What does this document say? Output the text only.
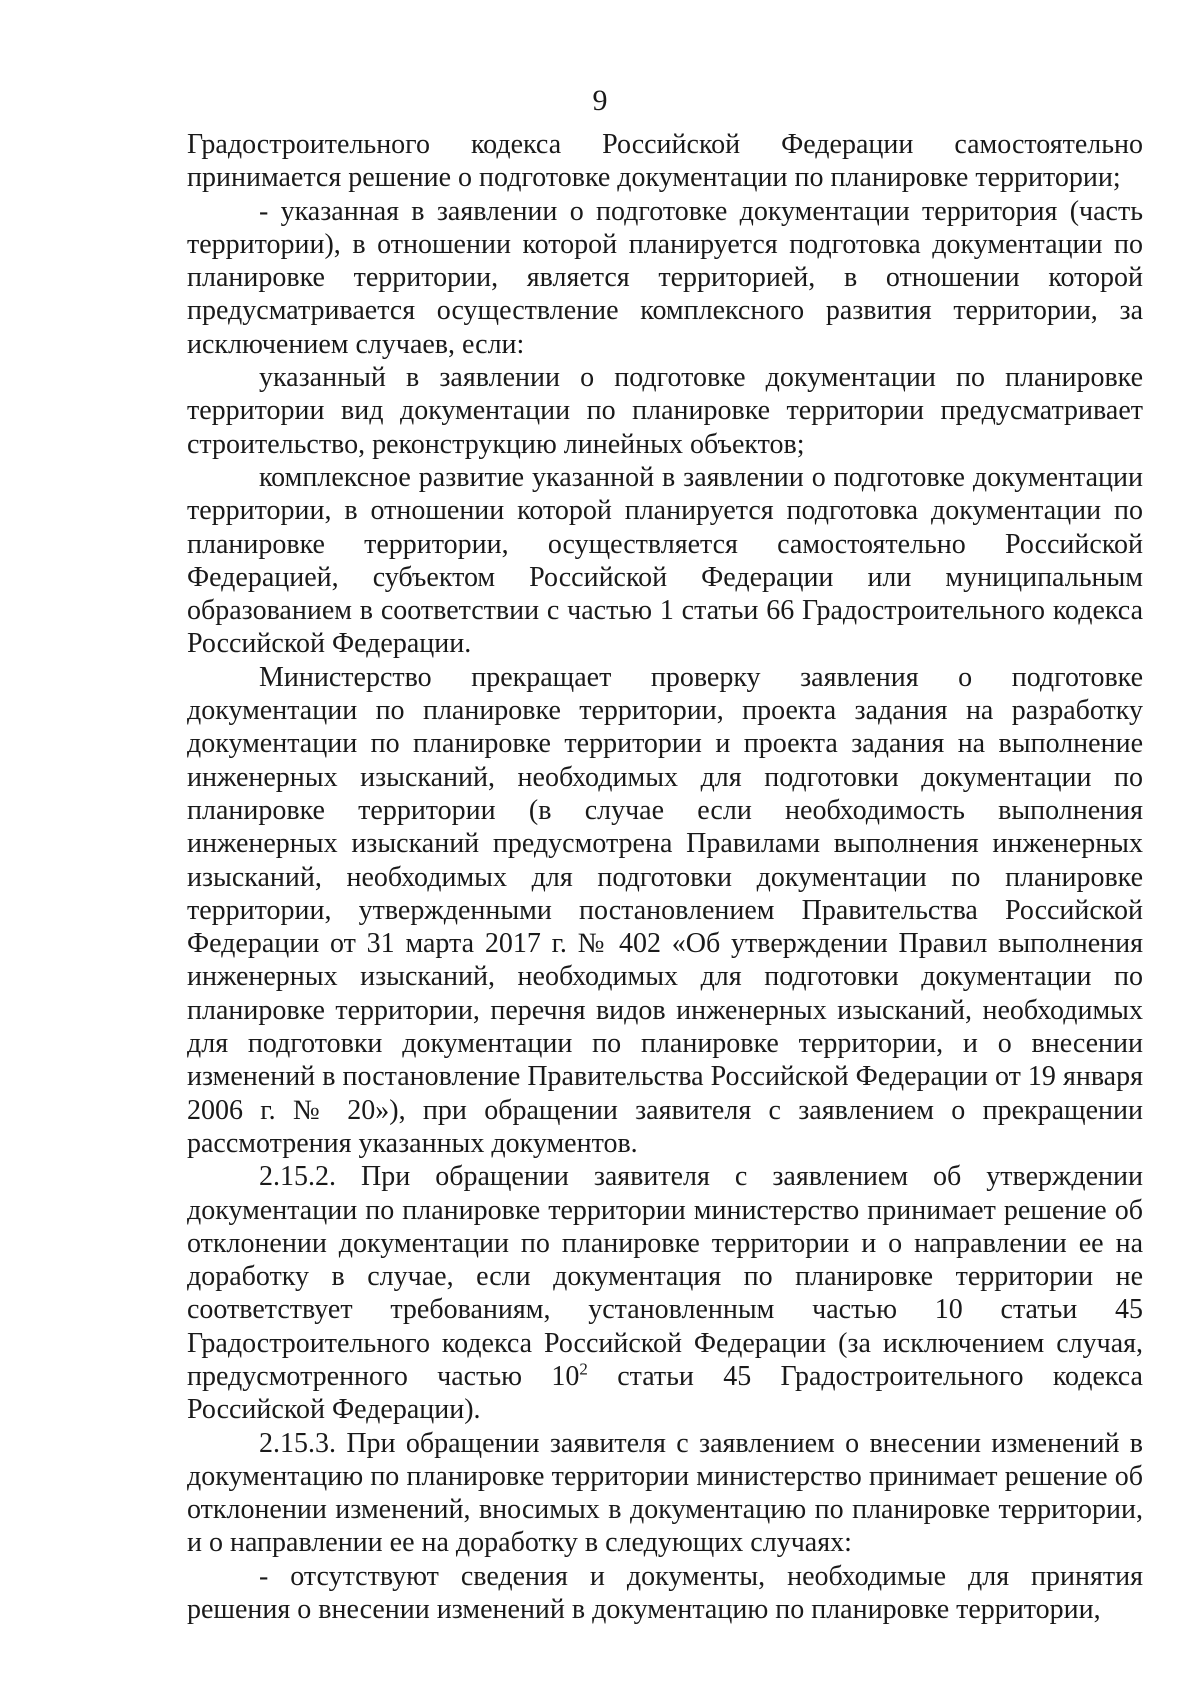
9

Градостроительного кодекса Российской Федерации самостоятельно принимается решение о подготовке документации по планировке территории;

- указанная в заявлении о подготовке документации территория (часть территории), в отношении которой планируется подготовка документации по планировке территории, является территорией, в отношении которой предусматривается осуществление комплексного развития территории, за исключением случаев, если:

указанный в заявлении о подготовке документации по планировке территории вид документации по планировке территории предусматривает строительство, реконструкцию линейных объектов;

комплексное развитие указанной в заявлении о подготовке документации территории, в отношении которой планируется подготовка документации по планировке территории, осуществляется самостоятельно Российской Федерацией, субъектом Российской Федерации или муниципальным образованием в соответствии с частью 1 статьи 66 Градостроительного кодекса Российской Федерации.

Министерство прекращает проверку заявления о подготовке документации по планировке территории, проекта задания на разработку документации по планировке территории и проекта задания на выполнение инженерных изысканий, необходимых для подготовки документации по планировке территории (в случае если необходимость выполнения инженерных изысканий предусмотрена Правилами выполнения инженерных изысканий, необходимых для подготовки документации по планировке территории, утвержденными постановлением Правительства Российской Федерации от 31 марта 2017 г. № 402 «Об утверждении Правил выполнения инженерных изысканий, необходимых для подготовки документации по планировке территории, перечня видов инженерных изысканий, необходимых для подготовки документации по планировке территории, и о внесении изменений в постановление Правительства Российской Федерации от 19 января 2006 г. № 20»), при обращении заявителя с заявлением о прекращении рассмотрения указанных документов.

2.15.2. При обращении заявителя с заявлением об утверждении документации по планировке территории министерство принимает решение об отклонении документации по планировке территории и о направлении ее на доработку в случае, если документация по планировке территории не соответствует требованиям, установленным частью 10 статьи 45 Градостроительного кодекса Российской Федерации (за исключением случая, предусмотренного частью $10^2$ статьи 45 Градостроительного кодекса Российской Федерации).

2.15.3. При обращении заявителя с заявлением о внесении изменений в документацию по планировке территории министерство принимает решение об отклонении изменений, вносимых в документацию по планировке территории, и о направлении ее на доработку в следующих случаях:

- отсутствуют сведения и документы, необходимые для принятия решения о внесении изменений в документацию по планировке территории,
